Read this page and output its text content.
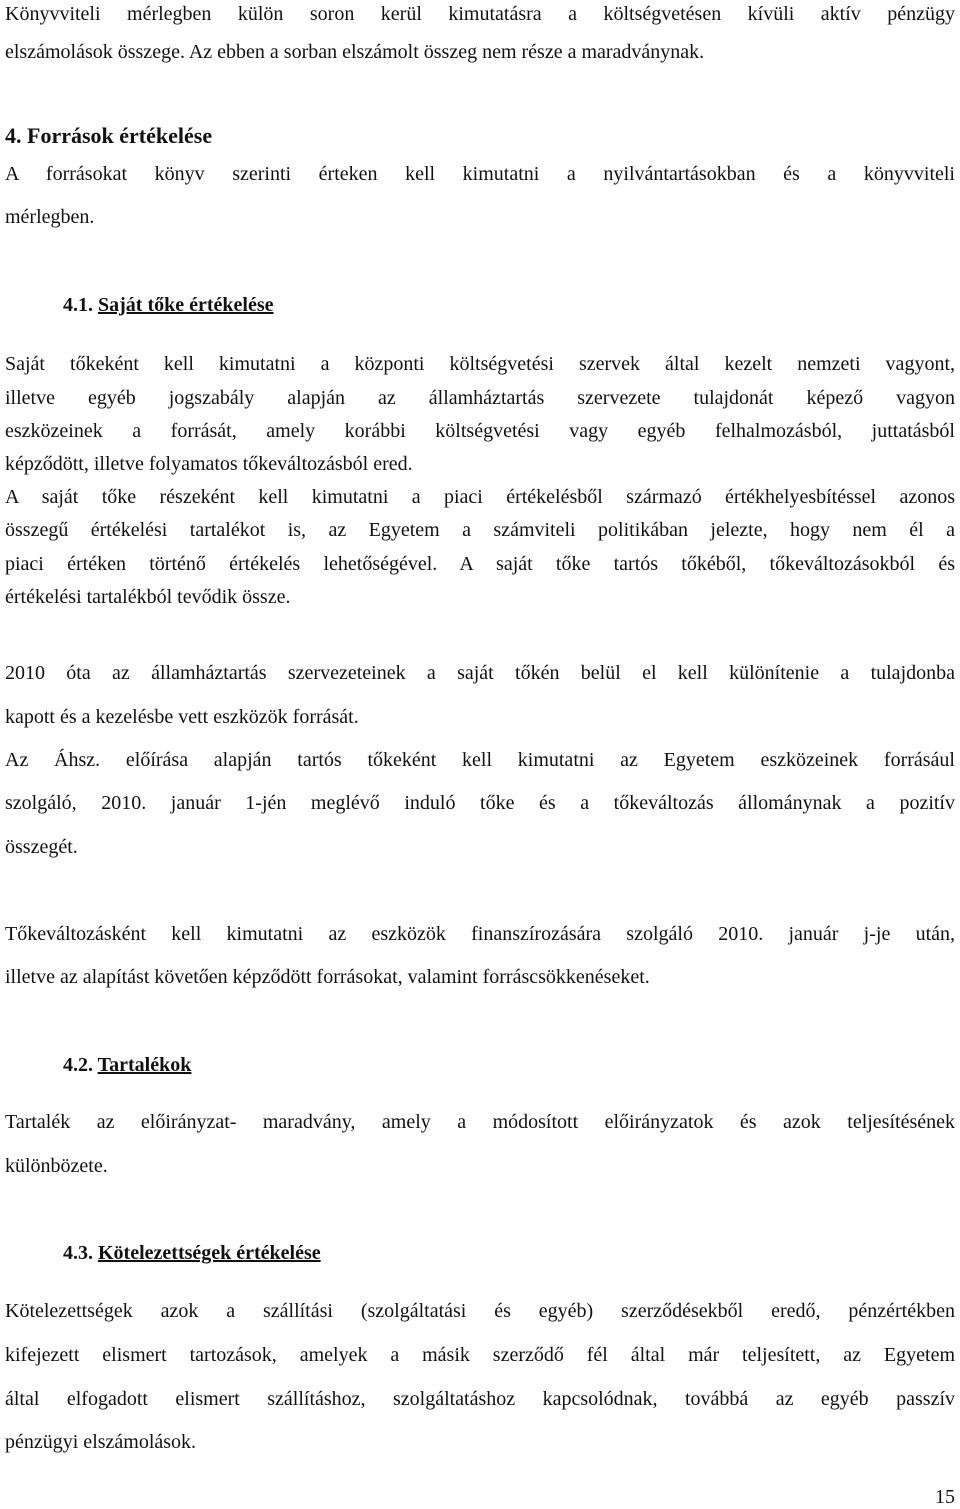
Könyvviteli mérlegben külön soron kerül kimutatásra a költségvetésen kívüli aktív pénzügy
elszámolások összege. Az ebben a sorban elszámolt összeg nem része a maradványnak.
4. Források értékelése
A forrásokat könyv szerinti érteken kell kimutatni a nyilvántartásokban és a könyvviteli
mérlegben.
4.1. Saját tőke értékelése
Saját tőkeként kell kimutatni a központi költségvetési szervek által kezelt nemzeti vagyont,
illetve egyéb jogszabály alapján az államháztartás szervezete tulajdonát képező vagyon
eszközeinek a forrását, amely korábbi költségvetési vagy egyéb felhalmozásból, juttatásból
képződött, illetve folyamatos tőkeváltozásból ered.
A saját tőke részeként kell kimutatni a piaci értékelésből származó értékhelyesbítéssel azonos
összegű értékelési tartalékot is, az Egyetem a számviteli politikában jelezte, hogy nem él a
piaci értéken történő értékelés lehetőségével. A saját tőke tartós tőkéből, tőkeváltozásokból és
értékelési tartalékból tevődik össze.
2010 óta az államháztartás szervezeteinek a saját tőkén belül el kell különítenie a tulajdonba
kapott és a kezelésbe vett eszközök forrását.
Az Áhsz. előírása alapján tartós tőkeként kell kimutatni az Egyetem eszközeinek forrásául
szolgáló, 2010. január 1-jén meglévő induló tőke és a tőkeváltozás állománynak a pozitív
összegét.
Tőkeváltozásként kell kimutatni az eszközök finanszírozására szolgáló 2010. január j-je után,
illetve az alapítást követően képződött forrásokat, valamint forráscsökkenéseket.
4.2. Tartalékok
Tartalék az előirányzat- maradvány, amely a módosított előirányzatok és azok teljesítésének
különbözete.
4.3. Kötelezettségek értékelése
Kötelezettségek azok a szállítási (szolgáltatási és egyéb) szerződésekből eredő, pénzértékben
kifejezett elismert tartozások, amelyek a másik szerződő fél által már teljesített, az Egyetem
által elfogadott elismert szállításhoz, szolgáltatáshoz kapcsolódnak, továbbá az egyéb passzív
pénzügyi elszámolások.
15
